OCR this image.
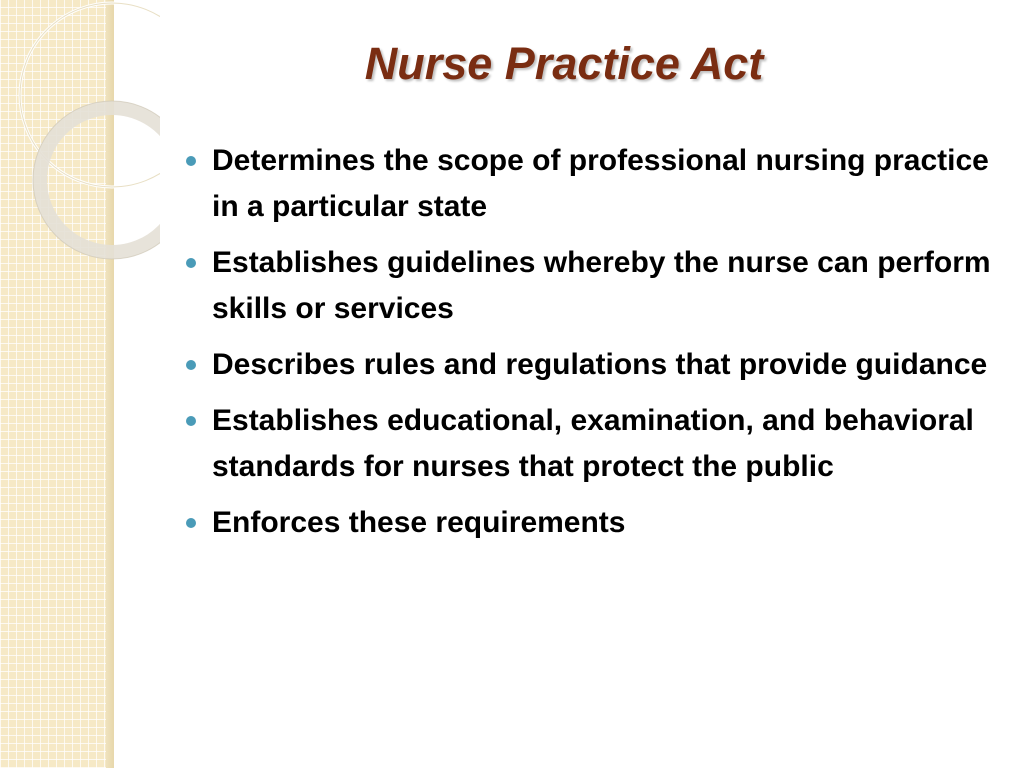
Nurse Practice Act
Determines the scope of professional nursing practice in a particular state
Establishes guidelines whereby the nurse can perform skills or services
Describes rules and regulations that provide guidance
Establishes educational, examination, and behavioral standards for nurses that protect the public
Enforces these requirements
